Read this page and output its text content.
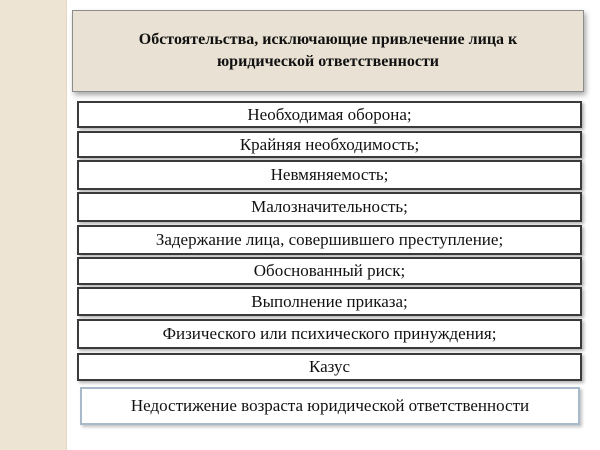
Обстоятельства, исключающие привлечение лица к юридической ответственности
Необходимая оборона;
Крайняя необходимость;
Невмяняемость;
Малозначительность;
Задержание лица, совершившего преступление;
Обоснованный риск;
Выполнение приказа;
Физического или психического принуждения;
Казус
Недостижение возраста юридической ответственности
